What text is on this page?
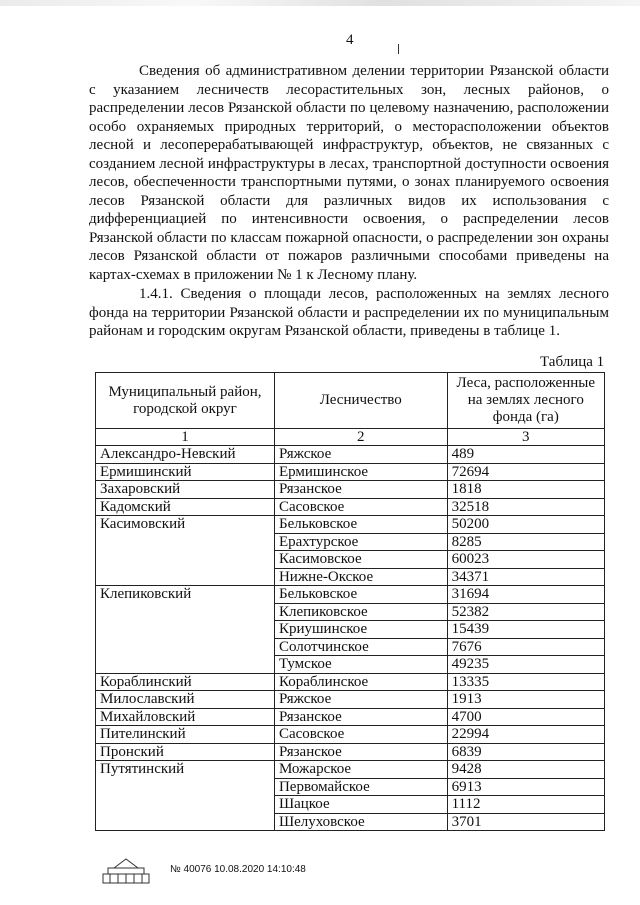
4
Сведения об административном делении территории Рязанской области с указанием лесничеств лесорастительных зон, лесных районов, о распределении лесов Рязанской области по целевому назначению, расположении особо охраняемых природных территорий, о месторасположении объектов лесной и лесоперерабатывающей инфраструктур, объектов, не связанных с созданием лесной инфраструктуры в лесах, транспортной доступности освоения лесов, обеспеченности транспортными путями, о зонах планируемого освоения лесов Рязанской области для различных видов их использования с дифференциацией по интенсивности освоения, о распределении лесов Рязанской области по классам пожарной опасности, о распределении зон охраны лесов Рязанской области от пожаров различными способами приведены на картах-схемах в приложении № 1 к Лесному плану.
1.4.1. Сведения о площади лесов, расположенных на землях лесного фонда на территории Рязанской области и распределении их по муниципальным районам и городским округам Рязанской области, приведены в таблице 1.
Таблица 1
Муниципальный район, городской округ	Лесничество	Леса, расположенные на землях лесного фонда (га)
1	2	3
Александро-Невский	Ряжское	489
Ермишинский	Ермишинское	72694
Захаровский	Рязанское	1818
Кадомский	Сасовское	32518
Касимовский	Бельковское	50200
	Ерахтурское	8285
	Касимовское	60023
	Нижне-Окское	34371
Клепиковский	Бельковское	31694
	Клепиковское	52382
	Криушинское	15439
	Солотчинское	7676
	Тумское	49235
Кораблинский	Кораблинское	13335
Милославский	Ряжское	1913
Михайловский	Рязанское	4700
Пителинский	Сасовское	22994
Пронский	Рязанское	6839
Путятинский	Можарское	9428
	Первомайское	6913
	Шацкое	1112
	Шелуховское	3701
№ 40076 10.08.2020 14:10:48
